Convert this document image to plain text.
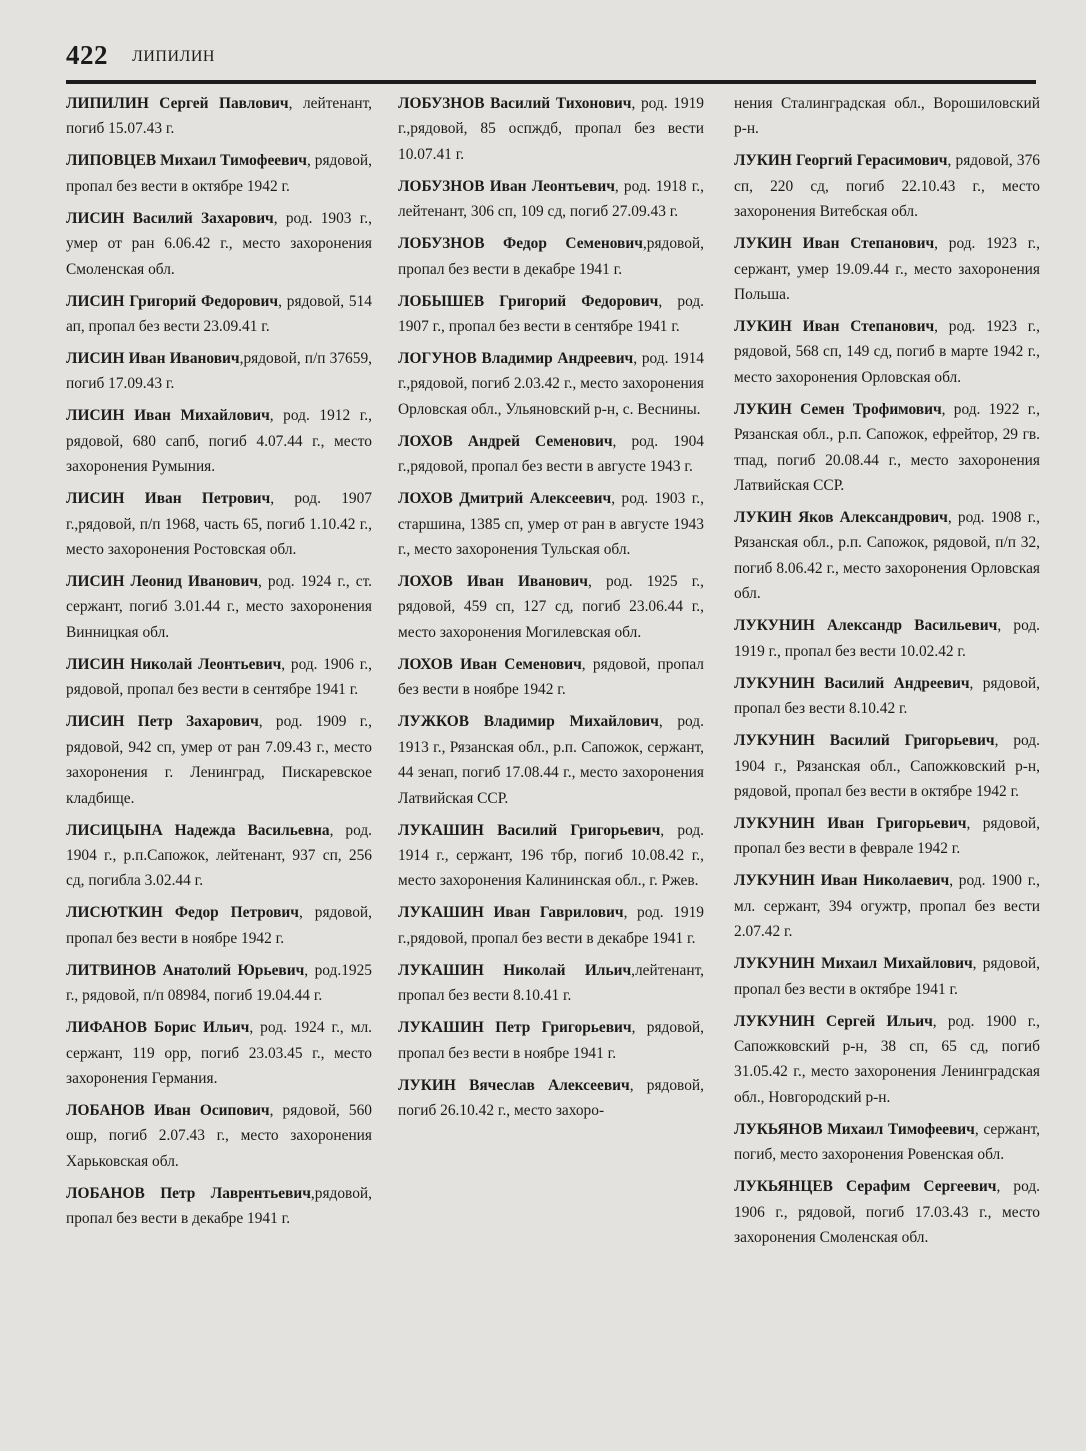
422 ЛИПИЛИН

ЛИПИЛИН Сергей Павлович, лейтенант, погиб 15.07.43 г.

ЛИПОВЦЕВ Михаил Тимофеевич, рядовой, пропал без вести в октябре 1942 г.

ЛИСИН Василий Захарович, род. 1903 г., умер от ран 6.06.42 г., место захоронения Смоленская обл.

ЛИСИН Григорий Федорович, рядовой, 514 ап, пропал без вести 23.09.41 г.

ЛИСИН Иван Иванович,рядовой, п/п 37659, погиб 17.09.43 г.

ЛИСИН Иван Михайлович, род. 1912 г., рядовой, 680 сапб, погиб 4.07.44 г., место захоронения Румыния.

ЛИСИН Иван Петрович, род. 1907 г.,рядовой, п/п 1968, часть 65, погиб 1.10.42 г., место захоронения Ростовская обл.

ЛИСИН Леонид Иванович, род. 1924 г., ст. сержант, погиб 3.01.44 г., место захоронения Винницкая обл.

ЛИСИН Николай Леонтьевич, род. 1906 г., рядовой, пропал без вести в сентябре 1941 г.

ЛИСИН Петр Захарович, род. 1909 г., рядовой, 942 сп, умер от ран 7.09.43 г., место захоронения г. Ленинград, Пискаревское кладбище.

ЛИСИЦЫНА Надежда Васильевна, род. 1904 г., р.п.Сапожок, лейтенант, 937 сп, 256 сд, погибла 3.02.44 г.

ЛИСЮТКИН Федор Петрович, рядовой, пропал без вести в ноябре 1942 г.

ЛИТВИНОВ Анатолий Юрьевич, род.1925 г., рядовой, п/п 08984, погиб 19.04.44 г.

ЛИФАНОВ Борис Ильич, род. 1924 г., мл. сержант, 119 орр, погиб 23.03.45 г., место захоронения Германия.

ЛОБАНОВ Иван Осипович, рядовой, 560 ошр, погиб 2.07.43 г., место захоронения Харьковская обл.

ЛОБАНОВ Петр Лаврентьевич,рядовой, пропал без вести в декабре 1941 г.

ЛОБУЗНОВ Василий Тихонович, род. 1919 г.,рядовой, 85 оспждб, пропал без вести 10.07.41 г.

ЛОБУЗНОВ Иван Леонтьевич, род. 1918 г., лейтенант, 306 сп, 109 сд, погиб 27.09.43 г.

ЛОБУЗНОВ Федор Семенович,рядовой, пропал без вести в декабре 1941 г.

ЛОБЫШЕВ Григорий Федорович, род. 1907 г., пропал без вести в сентябре 1941 г.

ЛОГУНОВ Владимир Андреевич, род. 1914 г.,рядовой, погиб 2.03.42 г., место захоронения Орловская обл., Ульяновский р-н, с. Веснины.

ЛОХОВ Андрей Семенович, род. 1904 г.,рядовой, пропал без вести в августе 1943 г.

ЛОХОВ Дмитрий Алексеевич, род. 1903 г., старшина, 1385 сп, умер от ран в августе 1943 г., место захоронения Тульская обл.

ЛОХОВ Иван Иванович, род. 1925 г., рядовой, 459 сп, 127 сд, погиб 23.06.44 г., место захоронения Могилевская обл.

ЛОХОВ Иван Семенович, рядовой, пропал без вести в ноябре 1942 г.

ЛУЖКОВ Владимир Михайлович, род. 1913 г., Рязанская обл., р.п. Сапожок, сержант, 44 зенап, погиб 17.08.44 г., место захоронения Латвийская ССР.

ЛУКАШИН Василий Григорьевич, род. 1914 г., сержант, 196 тбр, погиб 10.08.42 г., место захоронения Калининская обл., г. Ржев.

ЛУКАШИН Иван Гаврилович, род. 1919 г.,рядовой, пропал без вести в декабре 1941 г.

ЛУКАШИН Николай Ильич,лейтенант, пропал без вести 8.10.41 г.

ЛУКАШИН Петр Григорьевич, рядовой, пропал без вести в ноябре 1941 г.

ЛУКИН Вячеслав Алексеевич, рядовой, погиб 26.10.42 г., место захоро-

нения Сталинградская обл., Ворошиловский р-н.

ЛУКИН Георгий Герасимович, рядовой, 376 сп, 220 сд, погиб 22.10.43 г., место захоронения Витебская обл.

ЛУКИН Иван Степанович, род. 1923 г., сержант, умер 19.09.44 г., место захоронения Польша.

ЛУКИН Иван Степанович, род. 1923 г., рядовой, 568 сп, 149 сд, погиб в марте 1942 г., место захоронения Орловская обл.

ЛУКИН Семен Трофимович, род. 1922 г., Рязанская обл., р.п. Сапожок, ефрейтор, 29 гв. тпад, погиб 20.08.44 г., место захоронения Латвийская ССР.

ЛУКИН Яков Александрович, род. 1908 г., Рязанская обл., р.п. Сапожок, рядовой, п/п 32, погиб 8.06.42 г., место захоронения Орловская обл.

ЛУКУНИН Александр Васильевич, род. 1919 г., пропал без вести 10.02.42 г.

ЛУКУНИН Василий Андреевич, рядовой, пропал без вести 8.10.42 г.

ЛУКУНИН Василий Григорьевич, род. 1904 г., Рязанская обл., Сапожковский р-н, рядовой, пропал без вести в октябре 1942 г.

ЛУКУНИН Иван Григорьевич, рядовой, пропал без вести в феврале 1942 г.

ЛУКУНИН Иван Николаевич, род. 1900 г., мл. сержант, 394 огужтр, пропал без вести 2.07.42 г.

ЛУКУНИН Михаил Михайлович, рядовой, пропал без вести в октябре 1941 г.

ЛУКУНИН Сергей Ильич, род. 1900 г., Сапожковский р-н, 38 сп, 65 сд, погиб 31.05.42 г., место захоронения Ленинградская обл., Новгородский р-н.

ЛУКЬЯНОВ Михаил Тимофеевич, сержант, погиб, место захоронения Ровенская обл.

ЛУКЬЯНЦЕВ Серафим Сергеевич, род. 1906 г., рядовой, погиб 17.03.43 г., место захоронения Смоленская обл.
